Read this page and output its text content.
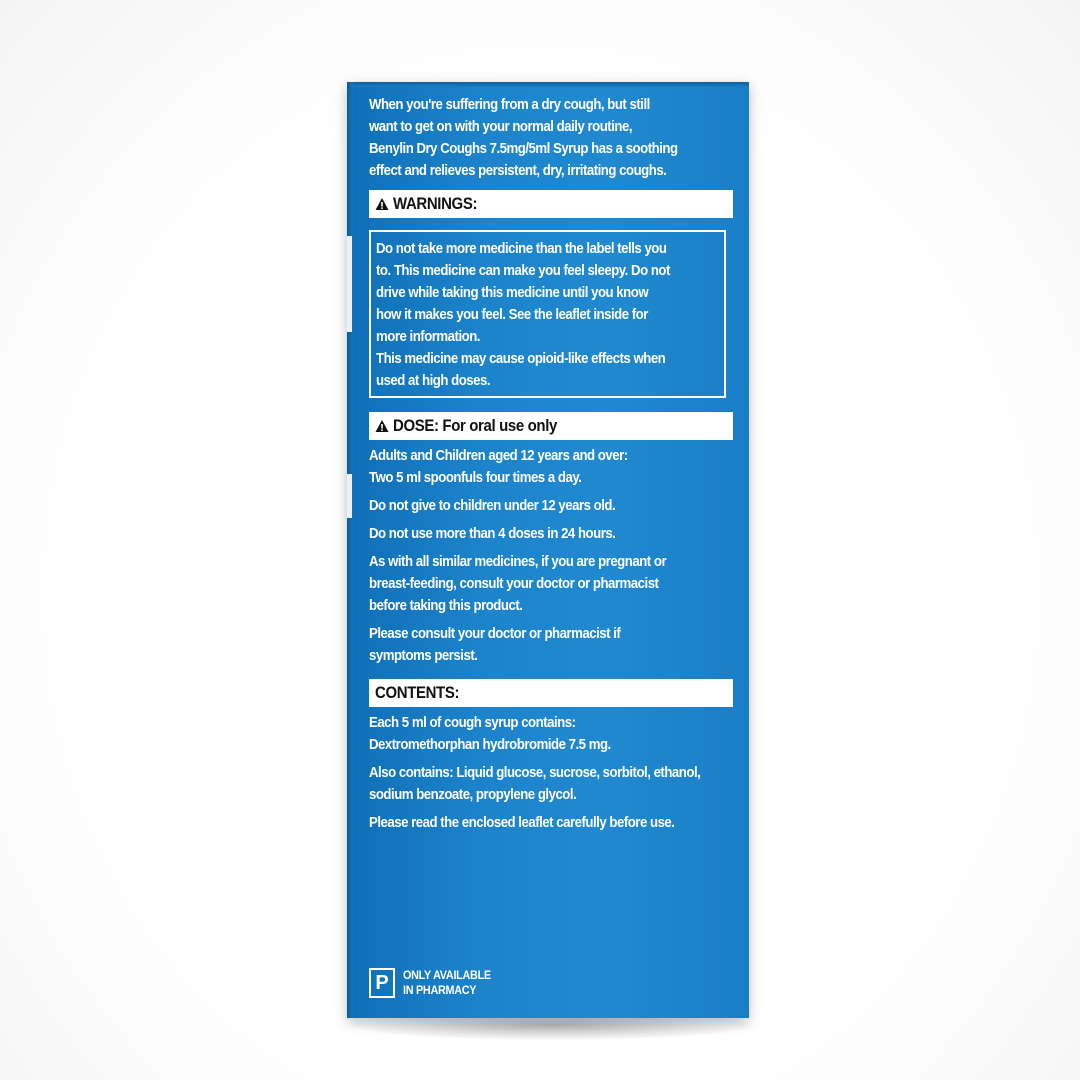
When you're suffering from a dry cough, but still
want to get on with your normal daily routine,
Benylin Dry Coughs 7.5mg/5ml Syrup has a soothing
effect and relieves persistent, dry, irritating coughs.
WARNINGS:
Do not take more medicine than the label tells you
to. This medicine can make you feel sleepy. Do not
drive while taking this medicine until you know
how it makes you feel. See the leaflet inside for
more information.
This medicine may cause opioid-like effects when
used at high doses.
DOSE: For oral use only
Adults and Children aged 12 years and over:
Two 5 ml spoonfuls four times a day.
Do not give to children under 12 years old.
Do not use more than 4 doses in 24 hours.
As with all similar medicines, if you are pregnant or
breast-feeding, consult your doctor or pharmacist
before taking this product.
Please consult your doctor or pharmacist if
symptoms persist.
CONTENTS:
Each 5 ml of cough syrup contains:
Dextromethorphan hydrobromide 7.5 mg.
Also contains: Liquid glucose, sucrose, sorbitol, ethanol,
sodium benzoate, propylene glycol.
Please read the enclosed leaflet carefully before use.
P	ONLY AVAILABLE
IN PHARMACY
